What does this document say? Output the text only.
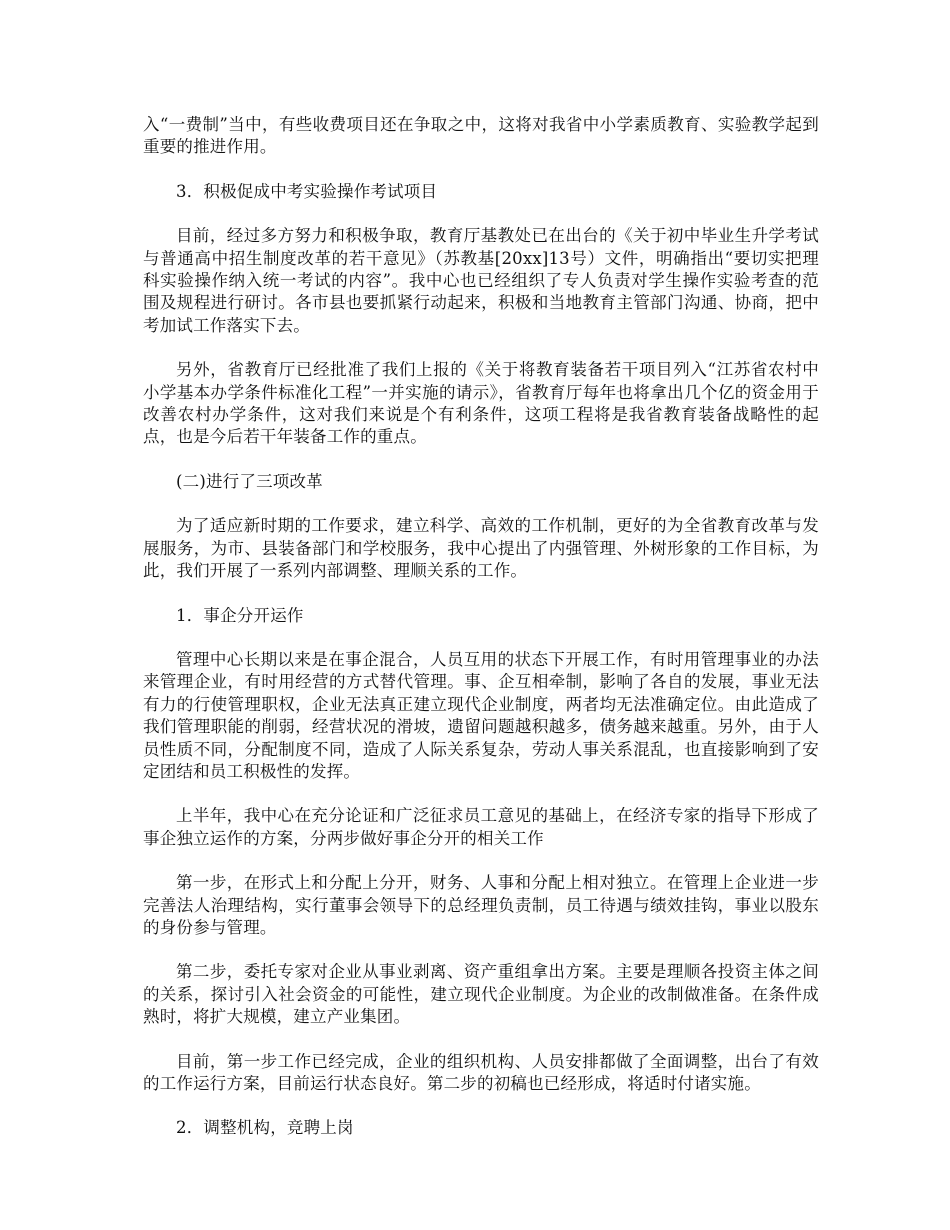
入“一费制”当中，有些收费项目还在争取之中，这将对我省中小学素质教育、实验教学起到重要的推进作用。

3．积极促成中考实验操作考试项目

目前，经过多方努力和积极争取，教育厅基教处已在出台的《关于初中毕业生升学考试与普通高中招生制度改革的若干意见》（苏教基[20xx]13号）文件，明确指出“要切实把理科实验操作纳入统一考试的内容”。我中心也已经组织了专人负责对学生操作实验考查的范围及规程进行研讨。各市县也要抓紧行动起来，积极和当地教育主管部门沟通、协商，把中考加试工作落实下去。

另外，省教育厅已经批准了我们上报的《关于将教育装备若干项目列入“江苏省农村中小学基本办学条件标准化工程”一并实施的请示》，省教育厅每年也将拿出几个亿的资金用于改善农村办学条件，这对我们来说是个有利条件，这项工程将是我省教育装备战略性的起点，也是今后若干年装备工作的重点。

(二)进行了三项改革

为了适应新时期的工作要求，建立科学、高效的工作机制，更好的为全省教育改革与发展服务，为市、县装备部门和学校服务，我中心提出了内强管理、外树形象的工作目标，为此，我们开展了一系列内部调整、理顺关系的工作。

1．事企分开运作

管理中心长期以来是在事企混合，人员互用的状态下开展工作，有时用管理事业的办法来管理企业，有时用经营的方式替代管理。事、企互相牵制，影响了各自的发展，事业无法有力的行使管理职权，企业无法真正建立现代企业制度，两者均无法准确定位。由此造成了我们管理职能的削弱，经营状况的滑坡，遗留问题越积越多，债务越来越重。另外，由于人员性质不同，分配制度不同，造成了人际关系复杂，劳动人事关系混乱，也直接影响到了安定团结和员工积极性的发挥。

上半年，我中心在充分论证和广泛征求员工意见的基础上，在经济专家的指导下形成了事企独立运作的方案，分两步做好事企分开的相关工作

第一步，在形式上和分配上分开，财务、人事和分配上相对独立。在管理上企业进一步完善法人治理结构，实行董事会领导下的总经理负责制，员工待遇与绩效挂钩，事业以股东的身份参与管理。

第二步，委托专家对企业从事业剥离、资产重组拿出方案。主要是理顺各投资主体之间的关系，探讨引入社会资金的可能性，建立现代企业制度。为企业的改制做准备。在条件成熟时，将扩大规模，建立产业集团。

目前，第一步工作已经完成，企业的组织机构、人员安排都做了全面调整，出台了有效的工作运行方案，目前运行状态良好。第二步的初稿也已经形成，将适时付诸实施。

2．调整机构，竞聘上岗
